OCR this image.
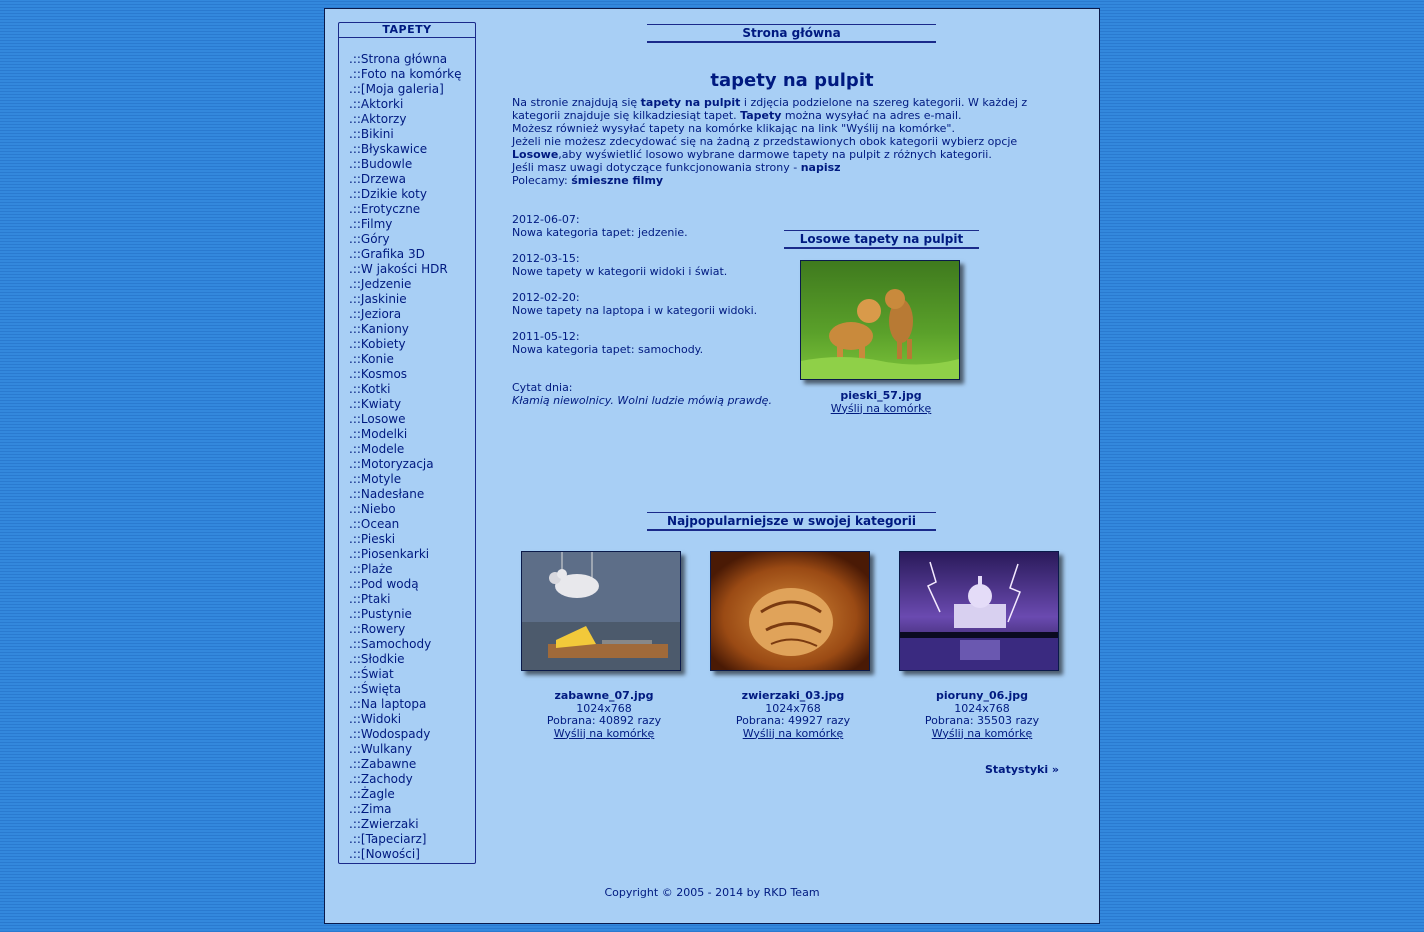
TAPETY
.::Strona główna
.::Foto na komórkę
.::[Moja galeria]
.::Aktorki
.::Aktorzy
.::Bikini
.::Błyskawice
.::Budowle
.::Drzewa
.::Dzikie koty
.::Erotyczne
.::Filmy
.::Góry
.::Grafika 3D
.::W jakości HDR
.::Jedzenie
.::Jaskinie
.::Jeziora
.::Kaniony
.::Kobiety
.::Konie
.::Kosmos
.::Kotki
.::Kwiaty
.::Losowe
.::Modelki
.::Modele
.::Motoryzacja
.::Motyle
.::Nadesłane
.::Niebo
.::Ocean
.::Pieski
.::Piosenkarki
.::Plaże
.::Pod wodą
.::Ptaki
.::Pustynie
.::Rowery
.::Samochody
.::Słodkie
.::Świat
.::Święta
.::Na laptopa
.::Widoki
.::Wodospady
.::Wulkany
.::Zabawne
.::Zachody
.::Żagle
.::Zima
.::Zwierzaki
.::[Tapeciarz]
.::[Nowości]
Strona główna
tapety na pulpit

Na stronie znajdują się tapety na pulpit i zdjęcia podzielone na szereg kategorii. W każdej z kategorii znajduje się kilkadziesiąt tapet. Tapety można wysyłać na adres e-mail.

Możesz również wysyłać tapety na komórke klikając na link "Wyślij na komórke".

Jeżeli nie możesz zdecydować się na żadną z przedstawionych obok kategorii wybierz opcje

Losowe,aby wyświetlić losowo wybrane darmowe tapety na pulpit z różnych kategorii.

Jeśli masz uwagi dotyczące funkcjonowania strony - napisz

Polecamy: śmieszne filmy

2012-06-07:
Nowa kategoria tapet: jedzenie.
2012-03-15:
Nowe tapety w kategorii widoki i świat.
2012-02-20:
Nowe tapety na laptopa i w kategorii widoki.
2011-05-12:
Nowa kategoria tapet: samochody.
Cytat dnia:
Kłamią niewolnicy. Wolni ludzie mówią prawdę.
Losowe tapety na pulpit
pieski_57.jpg
Wyślij na komórkę
Najpopularniejsze w swojej kategorii
zabawne_07.jpg
1024x768
Pobrana: 40892 razy
Wyślij na komórkę
zwierzaki_03.jpg
1024x768
Pobrana: 49927 razy
Wyślij na komórkę
pioruny_06.jpg
1024x768
Pobrana: 35503 razy
Wyślij na komórkę
Statystyki »
Copyright © 2005 - 2014 by RKD Team
